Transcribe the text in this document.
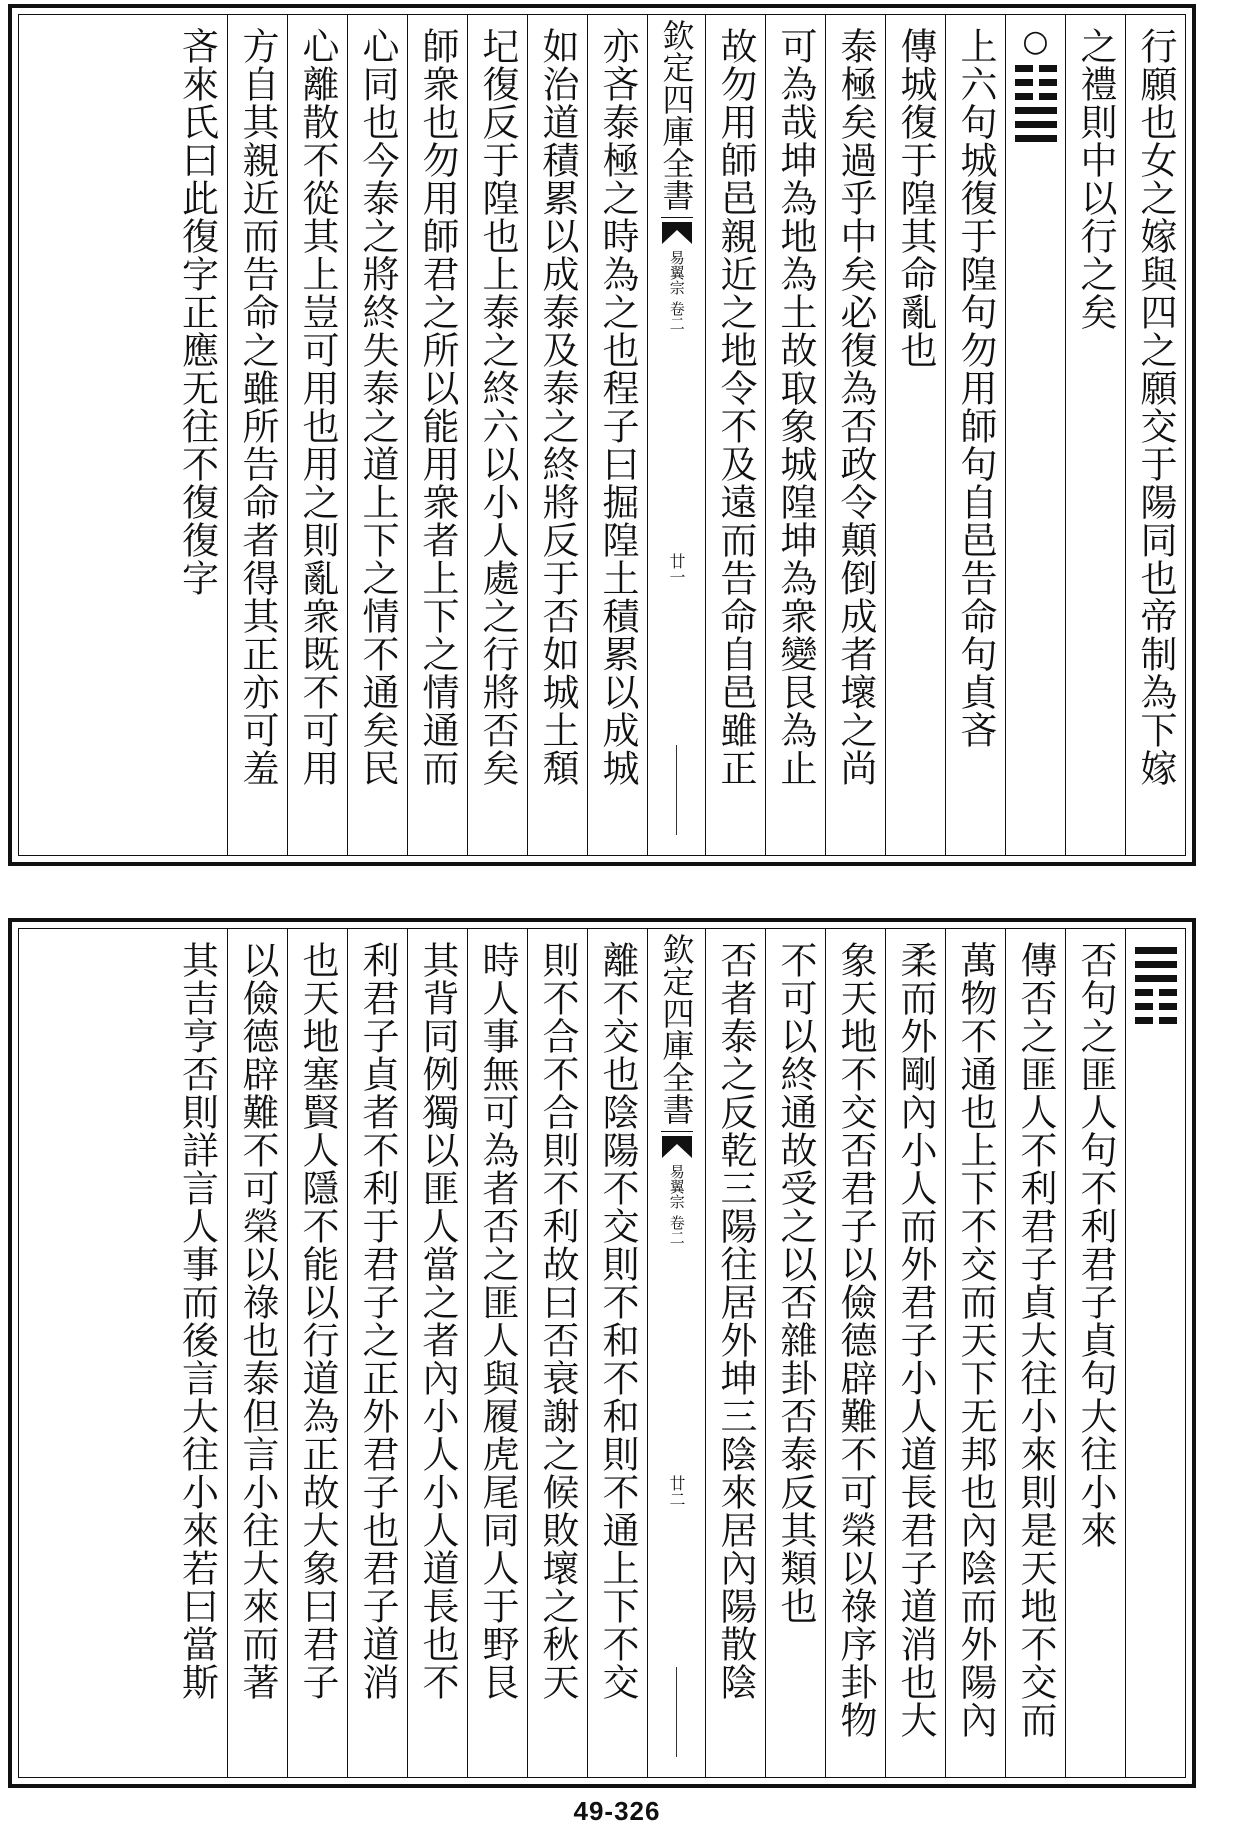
行願也女之嫁與四之願交于陽同也帝制為下嫁
之禮則中以行之矣
○
上六句城復于隍句勿用師句自邑告命句貞吝
傳城復于隍其命亂也
泰極矣過乎中矣必復為否政令顛倒成者壞之尚
可為哉坤為地為土故取象城隍坤為衆變艮為止
故勿用師邑親近之地令不及遠而告命自邑雖正
欽定四庫全書
易翼宗
卷二
廿一
亦吝泰極之時為之也程子曰掘隍土積累以成城
如治道積累以成泰及泰之終將反于否如城土頽
圮復反于隍也上泰之終六以小人處之行將否矣
師衆也勿用師君之所以能用衆者上下之情通而
心同也今泰之將終失泰之道上下之情不通矣民
心離散不從其上豈可用也用之則亂衆既不可用
方自其親近而告命之雖所告命者得其正亦可羞
吝來氏曰此復字正應无往不復復字
否句之匪人句不利君子貞句大往小來
傳否之匪人不利君子貞大往小來則是天地不交而
萬物不通也上下不交而天下无邦也內陰而外陽內
柔而外剛內小人而外君子小人道長君子道消也大
象天地不交否君子以儉德辟難不可榮以祿序卦物
不可以終通故受之以否雜卦否泰反其類也
否者泰之反乾三陽往居外坤三陰來居內陽散陰
欽定四庫全書
易翼宗
卷二
廿二
離不交也陰陽不交則不和不和則不通上下不交
則不合不合則不利故曰否衰謝之候敗壞之秋天
時人事無可為者否之匪人與履虎尾同人于野艮
其背同例獨以匪人當之者內小人小人道長也不
利君子貞者不利于君子之正外君子也君子道消
也天地塞賢人隱不能以行道為正故大象曰君子
以儉德辟難不可榮以祿也泰但言小往大來而著
其吉亨否則詳言人事而後言大往小來若曰當斯
49-326
